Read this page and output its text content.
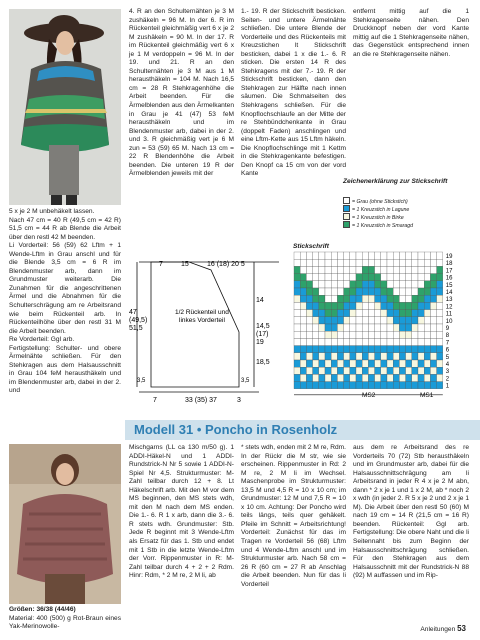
5 x je 2 M unbehäkelt lassen.

Nach 47 cm = 40 R (49,5 cm = 42 R) 51,5 cm = 44 R ab Blende die Arbeit über den restl 42 M beenden.

Li Vorderteil: 56 (59) 62 Lftm + 1 Wende-Lftm in Grau anschl und für die Blende 3,5 cm = 6 R im Blendenmuster arb, dann im Grundmuster weiterarb. Die Zunahmen für die angeschrittenen Ärmel und die Abnahmen für die Schulterschrägung am re Arbeitsrand wie beim Rückenteil arb. In Rückenteilhöhe über den restl 31 M die Arbeit beenden.

Re Vorderteil: Ggl arb.

Fertigstellung: Schulter- und obere Ärmelnähte schließen. Für den Stehkragen aus dem Halsausschnitt in Grau 104 feM herausthäkeln und im Blendenmuster arb, dabei in der 2. und

4. R an den Schulternähten je 3 M zushäkeln = 96 M. In der 6. R im Rückenteil gleichmäßig vert 6 x je 2 M zushäkeln = 90 M. In der 17. R im Rückenteil gleichmäßig vert 6 x je 1 M verdoppeln = 96 M. In der 19. und 21. R an den Schulternähten je 3 M aus 1 M herausthäkeln = 104 M. Nach 16,5 cm = 28 R Stehkragenhöhe die Arbeit beenden. Für die Ärmelblenden aus den Ärmelkanten in Grau je 41 (47) 53 feM herausthäkeln und im Blendenmuster arb, dabei in der 2. und 3. R gleichmäßig vert je 6 M zun = 53 (59) 65 M. Nach 13 cm = 22 R Blendenhöhe die Arbeit beenden. Die unteren 19 R der Ärmelblenden jeweils mit der

1.- 19. R der Stickschrift besticken. Seiten- und untere Ärmelnähte schließen. Die untere Blende der Vorderteile und des Rückenteils mit Kreuzstichen lt Stickschrift besticken, dabei 1 x die 1.- 6. R sticken. Die ersten 14 R des Stehkragens mit der 7.- 19. R der Stickschrift besticken, dann den Stehkragen zur Hälfte nach innen säumen. Die Schmalseiten des Stehkragens schließen. Für die Knopflochschlaufe an der Mitte der re Stehbündchenkante in Grau (doppelt Faden) anschlingen und eine Lftm-Kette aus 15 Lftm häkeln. Die Knopflochschlinge mit 1 Kettm in die Stehkragenkante befestigen. Den Knopf ca 15 cm von der vord Kante

entfernt mittig auf die 1 Stehkragenseite nähen. Den Druckknopf neben der vord Kante mittig auf die 1 Stehkragenseite nähen, das Gegenstück entsprechend innen an die re Stehkragenseite nähen.

Zeichenerklärung zur Stickschrift
= Grau (ohne Stickstich)
= 1 Kreuzstich in Lagune
= 1 Kreuzstich in Birke
= 1 Kreuzstich in Smaragd
7	15	16 (18) 20 5
14
14,5
(17)
19
18,5
47
(49,5)
51,5
1/2 Rückenteil und
linkes Vorderteil
3,5	3,5
7	33 (35) 37	3
Stickschrift
19
18
17
16
15
14
13
12
11
10
9
8
7
6
5
4
3
2
1
MS2	MS1
Modell 31 • Poncho in Rosenholz

Größen: 36/38 (44/46)

Material: 400 (500) g Rot-Braun eines Yak-Merinowolle-

Mischgarns (LL ca 130 m/50 g). 1 ADDI-Häkel-N und 1 ADDI-Rundstrick-N Nr 5 sowie 1 ADDI-N-Spiel Nr 4,5. Strukturmuster: M-Zahl teilbar durch 12 + 8. Lt Häkelschrift arb. Mit den M vor dem MS beginnen, den MS stets wdh, mit den M nach dem MS enden. Die 1.- 6. R 1 x arb, dann die 3.- 6. R stets wdh. Grundmuster: Stb. Jede R beginnt mit 3 Wende-Lftm als Ersatz für das 1. Stb und endet mit 1 Stb in die letzte Wende-Lftm der Vorr. Rippenmuster in R: M-Zahl teilbar durch 4 + 2 + 2 Rdm. Hinr: Rdm, * 2 M re, 2 M li, ab

* stets wdh, enden mit 2 M re, Rdm. In der Rückr die M str, wie sie erscheinen. Rippenmuster in Rd: 2 M re, 2 M li im Wechsel. Maschenprobe im Strukturmuster: 13,5 M und 4,5 R = 10 x 10 cm; im Grundmuster: 12 M und 7,5 R = 10 x 10 cm. Achtung: Der Poncho wird teils längs, teils quer gehäkelt. Pfeile im Schnitt = Arbeitsrichtung! Vorderteil: Zunächst für das im Tragen re Vorderteil 56 (68) Lftm und 4 Wende-Lftm anschl und im Strukturmuster arb. Nach 58 cm = 26 R (60 cm = 27 R ab Anschlag die Arbeit beenden. Nun für das li Vorderteil

aus dem re Arbeitsrand des re Vorderteils 70 (72) Stb herausthäkeln und im Grundmuster arb, dabei für die Halsausschnittschrägung am li Arbeitsrand in jeder R 4 x je 2 M abn, dann * 2 x je 1 und 1 x 2 M, ab * noch 2 x wdh (in jeder 2. R 5 x je 2 und 2 x je 1 M). Die Arbeit über den restl 50 (60) M nach 19 cm = 14 R (21,5 cm = 16 R) beenden. Rückenteil: Ggl arb. Fertigstellung: Die obere Naht und die li Seitennaht bis zum Beginn der Halsausschnittschrägung schließen. Für den Stehkragen aus dem Halsausschnitt mit der Rundstrick-N 88 (92) M auffassen und im Rip-

Anleitungen 53
